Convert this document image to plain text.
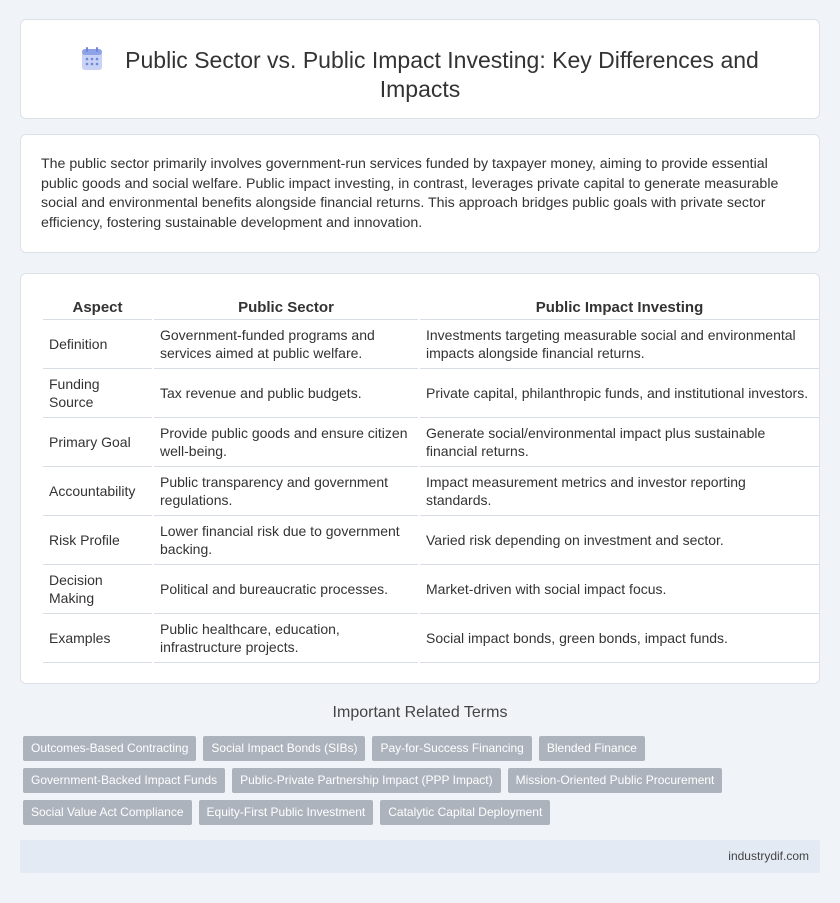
Public Sector vs. Public Impact Investing: Key Differences and Impacts

The public sector primarily involves government-run services funded by taxpayer money, aiming to provide essential public goods and social welfare. Public impact investing, in contrast, leverages private capital to generate measurable social and environmental benefits alongside financial returns. This approach bridges public goals with private sector efficiency, fostering sustainable development and innovation.

Aspect	Public Sector	Public Impact Investing
Definition	Government-funded programs and services aimed at public welfare.	Investments targeting measurable social and environmental impacts alongside financial returns.
Funding Source	Tax revenue and public budgets.	Private capital, philanthropic funds, and institutional investors.
Primary Goal	Provide public goods and ensure citizen well-being.	Generate social/environmental impact plus sustainable financial returns.
Accountability	Public transparency and government regulations.	Impact measurement metrics and investor reporting standards.
Risk Profile	Lower financial risk due to government backing.	Varied risk depending on investment and sector.
Decision Making	Political and bureaucratic processes.	Market-driven with social impact focus.
Examples	Public healthcare, education, infrastructure projects.	Social impact bonds, green bonds, impact funds.
Important Related Terms
Outcomes-Based Contracting Social Impact Bonds (SIBs) Pay-for-Success Financing Blended Finance
Government-Backed Impact Funds Public-Private Partnership Impact (PPP Impact) Mission-Oriented Public Procurement
Social Value Act Compliance Equity-First Public Investment Catalytic Capital Deployment
industrydif.com
